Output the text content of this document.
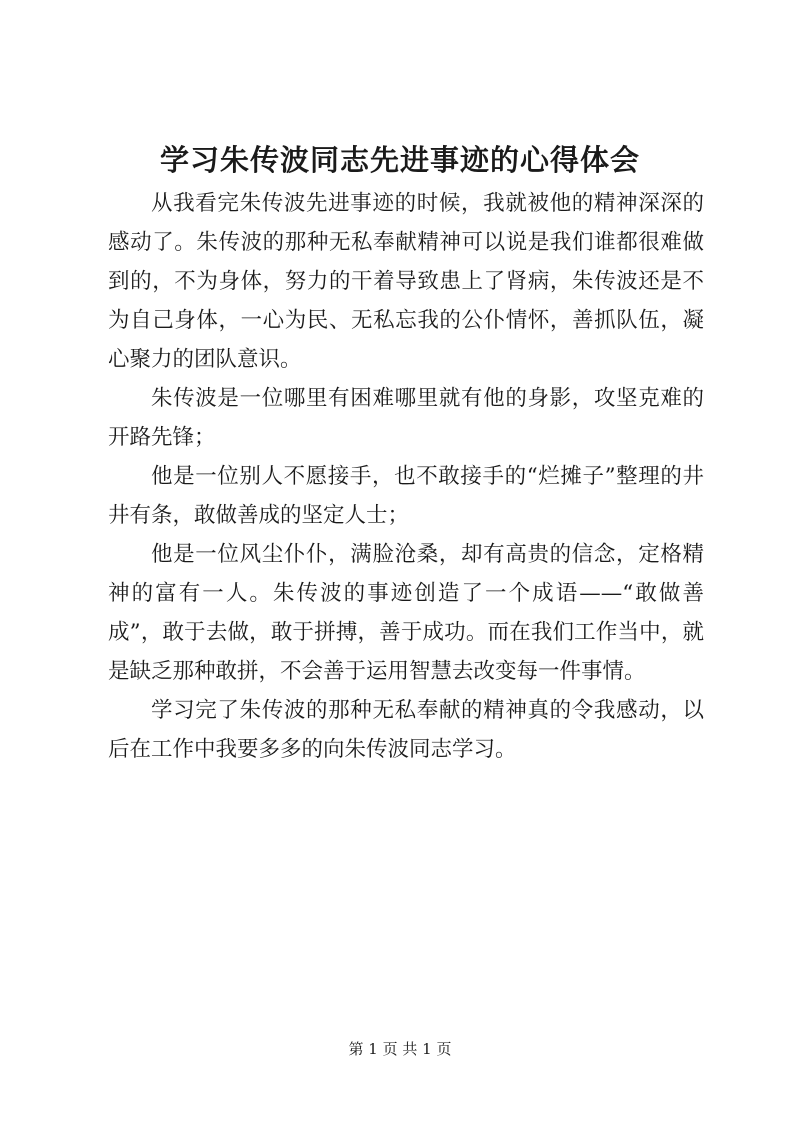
学习朱传波同志先进事迹的心得体会

从我看完朱传波先进事迹的时候，我就被他的精神深深的感动了。朱传波的那种无私奉献精神可以说是我们谁都很难做到的，不为身体，努力的干着导致患上了肾病，朱传波还是不为自己身体，一心为民、无私忘我的公仆情怀，善抓队伍，凝心聚力的团队意识。

朱传波是一位哪里有困难哪里就有他的身影，攻坚克难的开路先锋；

他是一位别人不愿接手，也不敢接手的“烂摊子”整理的井井有条，敢做善成的坚定人士；

他是一位风尘仆仆，满脸沧桑，却有高贵的信念，定格精神的富有一人。朱传波的事迹创造了一个成语——“敢做善成”，敢于去做，敢于拼搏，善于成功。而在我们工作当中，就是缺乏那种敢拼，不会善于运用智慧去改变每一件事情。

学习完了朱传波的那种无私奉献的精神真的令我感动，以后在工作中我要多多的向朱传波同志学习。

第 1 页 共 1 页
